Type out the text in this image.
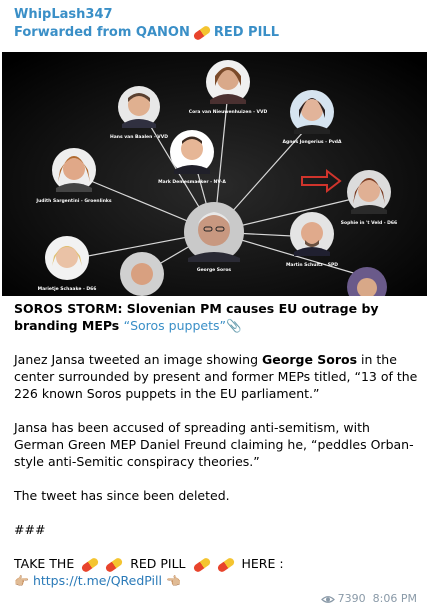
WhipLash347
Forwarded from QANON RED PILL
Cora van Nieuwenhuizen - VVD
Hans van Baalen - VVD
Agnes Jongerius - PvdA
Mark Demesmaeker - NV-A
Judith Sargentini - Groenlinks
Sophie in 't Veld - D66
George Soros
Martin Schultz - SPD
Marietje Schaake - D66
SOROS STORM: Slovenian PM causes EU outrage by branding MEPs “Soros puppets”📎

Janez Jansa tweeted an image showing George Soros in the center surrounded by present and former MEPs titled, “13 of the 226 known Soros puppets in the EU parliament.”

Jansa has been accused of spreading anti-semitism, with German Green MEP Daniel Freund claiming he, “peddles Orban-style anti-Semitic conspiracy theories.”

The tweet has since been deleted.

###

TAKE THE	RED PILL	HERE :
👉🏼 https://t.me/QRedPill 👈🏼
7390 8:06 PM
